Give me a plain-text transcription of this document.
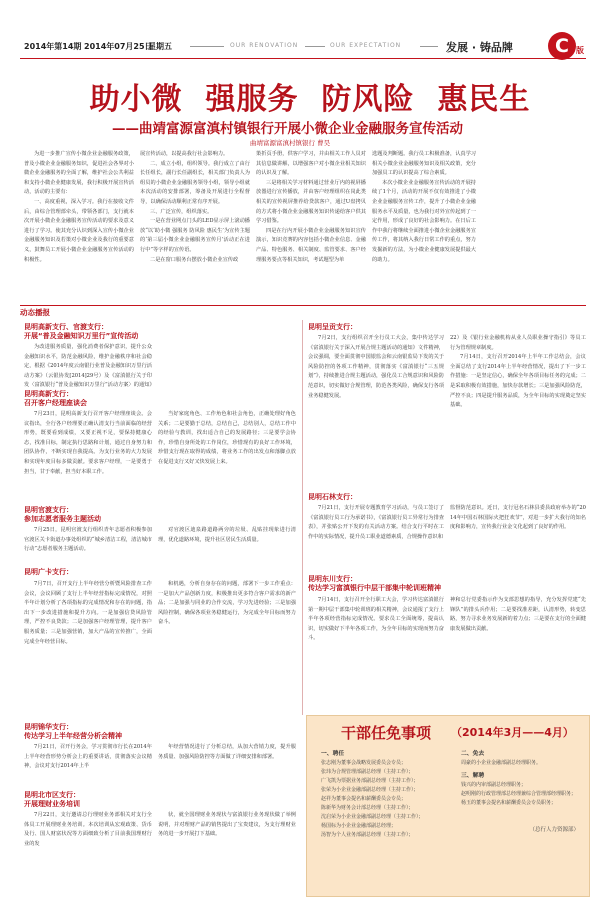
2014年第14期 2014年07月25日
星期五	OUR RENOVATION	OUR EXPECTATION	发展 · 铸品牌	C 版
助小微  强服务  防风险  惠民生
——曲靖富源富滇村镇银行开展小微企业金融服务宣传活动
曲靖富源富滇村镇银行 曹昊

为进一步推广宣传小微企业金融服务政策，普及小微企业金融服务知识，促进社会各界对小微企业金融服务的全面了解，维护社会公共利益和支持小微企业健康发展，我行积极开展宣传活动，活动的主要有：

一、高度重视，深入学习。我行在接收文件后，由综合管理部牵头，带领各部门，支行就本次开展小微企业金融服务宣传活动的要求及意义进行了学习。使其充分认识到深入宣传小微企业金融服务知识及若策对小微企业及我行的重要意义，鼓舞员工开展小微企业金融服务宣传活动的积极性。

展宣传活动，以提高我行社会影响力。

二、成立小组，组织领导。我行成立了由行长任组长，副行长任副组长，相关部门负责人为组员的小微企业金融服务领导小组，领导小组就本次活动的安排部署，筹备及开展进行全程督导，以确保活动顺利正常有序开展。

三、广泛宣传，组织落实。

一是在营业网点门头的LED显示屏上滚动播放“以‘助小微 强服务 防风险 惠民生’为宣传主题的‘第三届小微企业金融服务宣传月’活动正在进行中”等字样的宣传语。

二是在窗口服务台摆放小微企业宣传政

策折页手册，供客户学习，并由相关工作人员对其信息做讲解，以增强客户对小微企业相关知识的认识及了解。

三是将相关学习材料通过营业厅内的视屏播放器进行宣传播放，并由客户经理组织在岗此类相关的宣传视屏推荐给贷款客户，通过U盘拷贝的方式将小微企业金融服务知识传递给客户供其学习借鉴。

四是在行内开展小微企业金融服务知识宣传演示，知识竞赛的内容包括小微企业信息、金融产品、特色服务、相关制度、监管要求、客户经理服务要点等相关知识，考试题型为单

选题及判断题。我行员工积极准备，认真学习相关小微企业金融服务知识及相关政策，充分加强员工的认识提高了综合素质。

本次小微企业金融服务宣传活动的开展持续了1个月，活动的开展不仅有效推进了小微企业金融服务宣传工作，提升了小微企业金融服务水平及质量，也为我行对外宣传起到了一定作用，形成了良好的社会影响力。在日后工作中我行将继续全面推进小微企业金融服务宣传工作，将其纳入我行日常工作的重点，努力发掘新的方法，为小微企业健康发展提供最大的助力。

动态播报
昆明高新支行、官渡支行：
开展“普及金融知识万里行”宣传活动

为改进服务质量，强化消费者保护意识，提升公众金融知识水平，防范金融风险，维护金融秩序和社会稳定，根据《2014年度云南银行业普及金融知识万里行活动方案》（云银协发[2014]29号）及《富滇银行关于印发〈富滇银行“普及金融知识万里行”活动方案〉的通知》

昆明高新支行：
召开客户经理座谈会

7月23日，昆明高新支行召开客户经理座谈会。会议指出，全行各户经理要正确认清支行当前面临的经营形势，既要看到成绩，又要正视不足，要保持健康心态，找准目标，制定执行思路和计划，通过自身努力和团队协作，不断实现自我提高。为支行业务的大力发展和实现年度目标多做贡献。要求客户经理，一是要勇于担当，甘于奉献，担当好本职工作。

当好家庭角色、工作角色和社会角色，正确处理好角色关系；二是要勤于总结，总结自己，总结别人，总结工作中的经验与教训，找出适合自己的发展路径；三是要学会协作，珍惜自身所处的工作岗位，珍惜现有的良好工作环境，珍惜支行现在取得的成绩，将业务工作的出发点和落脚点放在促进支行又好又快发展上来。

昆明官渡支行：
参加志愿者服务主题活动

7月25日，昆明官渡支行组织青年志愿者积极参加官渡区关卡街道办事处组织的“城乡清洁工程，清洁城市行动”志愿者服务主题活动。

对官渡区迪泉路道路两旁的垃圾、乱贴挂现象进行清理，优化道路环境，提升社区居民生活质量。

昆明广卡支行：

7月7日，召开支行上半年经营分析暨风险排查工作会议，会议回顾了支行上半年经营指标完成情况，对照半年计划分析了各项指标的完成情况和存在的问题，指出下一步改进措施和提升方向。一是加强信贷风险管理，严控不良贷款；二是加强客户经理管理，提升客户服务质量；三是加强营销，加大产品的宣传推广，全面完成全年经营目标。

和机遇，分析自身存在的问题，部署下一步工作重点：一是加大产品创新力度，积极推出更多符合客户需求的新产品；二是加强与同业的合作交流，学习先进经验；三是加强风险控制，确保各项业务稳健运行，为完成全年目标而努力奋斗。

昆明锦华支行：
传达学习上半年经营分析会精神

7月21日，召开行务会，学习贯彻市行长在2014年上半年经营形势分析会上的重要讲话，贯彻落实会议精神，会议对支行2014年上半

年经营情况进行了分析总结，从加大营销力度，提升服务质量、加强风险防控等方面做了详细安排和部署。

昆明北市区支行：
开展理财业务培训

7月22日，支行邀请总行理财业务部相关对支行全体员工开展理财业务培训。本次培训从宏观政策、货币及行、国人财富状况等方面细致分析了目前我国理财行业的发

状，就全国理财业务现状与富滇银行业务现状做了举例说明，并对理财产品的销售提出了宝贵建议，为支行理财业务的进一步开展打下基础。

昆明呈贡支行：

7月2日，支行组织召开全行员工大会，集中传达学习《富滇银行关于深入开展合规主题活动的通知》文件精神，会议强调，要全面贯彻中国银监会和云南银监局下发的关于风险防控的各项工作精神，贯彻落实《富滇银行“三五规划”》，持续推进合规主题活动，强化员工合规意识和风险防范意识，切实做好合规管理，防范各类风险，确保支行各项业务稳健发展。

22）及《银行业金融机构从业人员职业操守指引》等员工行为管理规章制度。

7月14日，支行召开2014年上半年工作总结会，会议全面总结了支行2014年上半年经营情况，提出了下一步工作措施：一是坚定信心，确保全年各项目标任务的完成；二是采取积极有效措施，加快存款增长；三是加强风险防范，严控不良；四是提升服务品质，为全年目标的实现奠定坚实基础。

昆明石林支行：

7月21日，支行开展专题教育学习活动，与员工签订了《富滇银行员工行为承诺书》，《富滇银行员工异常行为排查表》，并张贴公开下发的有关活动方案。结合支行平时在工作中的实际情况，提升员工职业道德素质，合规操作意识和

监督防范意识。近日，支行冠名石林县委县政府举办的“2014年中国石林国际火把狂欢节”，对进一步扩大我行的知名度和影响力，宣传我行业金文化起到了良好的作用。

昆明东川支行：
传达学习富滇银行中层干部集中轮训班精神

7月14日，支行召开全行职工大会，学习传达富滇银行第一期中层干部集中轮训班的相关精神，会议通报了支行上半年各项经营指标完成情况。要求员工全面统筹，提高认识，切实做好下半年各项工作，为全年目标的实现而努力奋斗。

神和总行党委指示作为支部思想的指导，充分发挥党建“先锋队”的排头兵作用；二是要找准差距，认清形势，转变思路，努力寻求业务发展新的着力点；三是要在支行的全面健康发展做出贡献。

干部任免事项 （2014年3月——4月）
一、聘任
张志刚为董事会战略发展委员会专员；
张玮为合规管理部副总经理（主持工作）；
广飞凯为票据业务部副总经理（主持工作）；
张荣为小企业金融部副总经理（主持工作）；
赵祥为董事会提名和薪酬委员会专员；
陈新华为财务会计部总经理（主持工作）；
沈启荣为小企业金融部副总经理（主持工作）；
杨国标为小企业金融部副总经理；
汤智为个人业务部副总经理（主持工作）；
二、免去
周豪的小企业金融部副总经理职务。
三、解聘
钱兴的内审部副总经理职务；
赵明刚的行政管理部总经理兼综合管理部经理职务；
杨玉的董事会提名和薪酬委员会专员职务；
（总行人力资源部）
